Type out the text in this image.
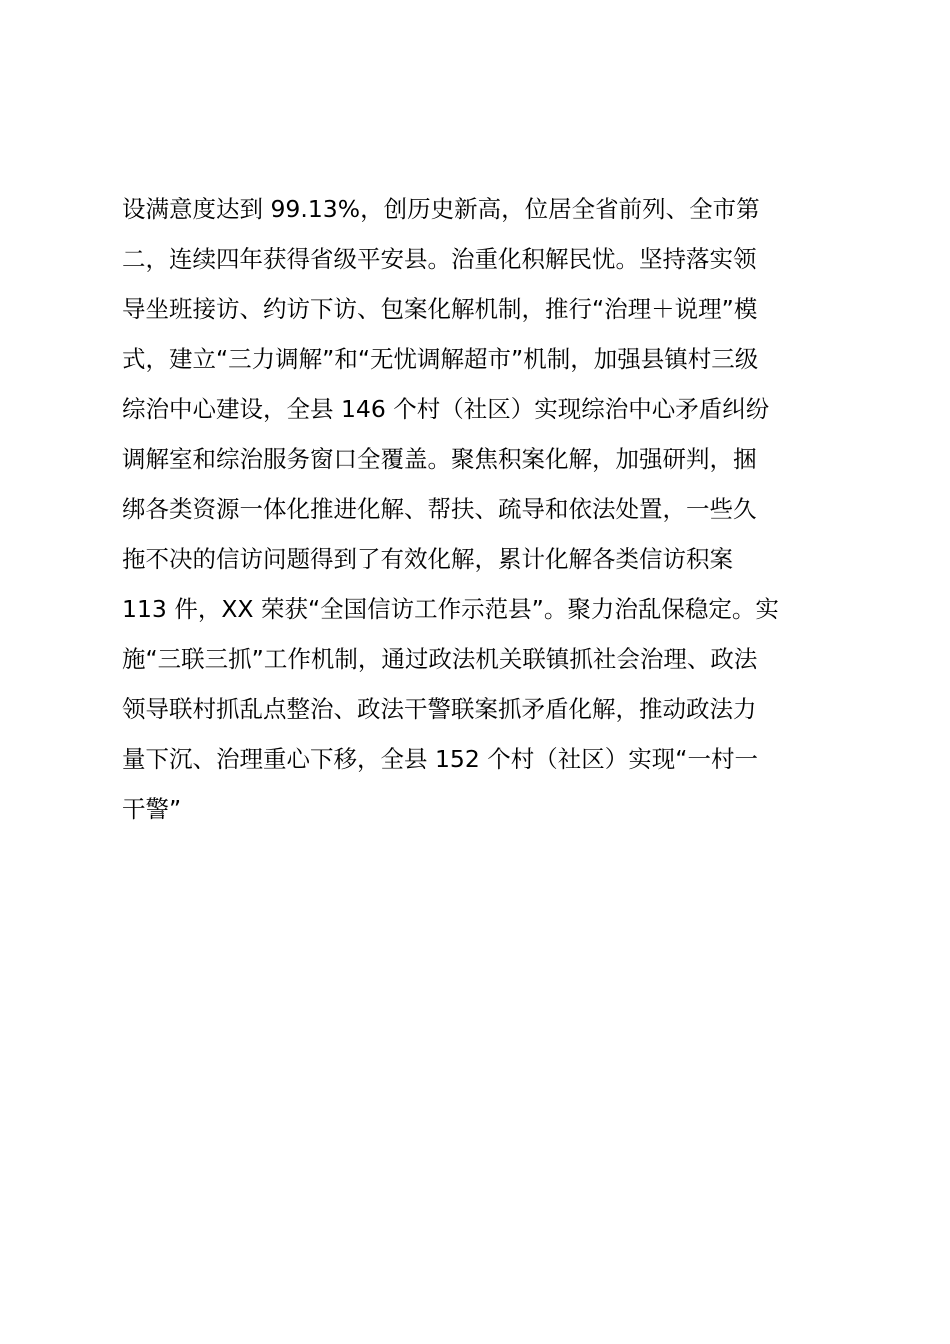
设满意度达到 99.13%，创历史新高，位居全省前列、全市第
二，连续四年获得省级平安县。治重化积解民忧。坚持落实领
导坐班接访、约访下访、包案化解机制，推行“治理＋说理”模
式，建立“三力调解”和“无忧调解超市”机制，加强县镇村三级
综治中心建设，全县 146 个村（社区）实现综治中心矛盾纠纷
调解室和综治服务窗口全覆盖。聚焦积案化解，加强研判，捆
绑各类资源一体化推进化解、帮扶、疏导和依法处置，一些久
拖不决的信访问题得到了有效化解，累计化解各类信访积案
113 件，XX 荣获“全国信访工作示范县”。聚力治乱保稳定。实
施“三联三抓”工作机制，通过政法机关联镇抓社会治理、政法
领导联村抓乱点整治、政法干警联案抓矛盾化解，推动政法力
量下沉、治理重心下移，全县 152 个村（社区）实现“一村一
干警”
